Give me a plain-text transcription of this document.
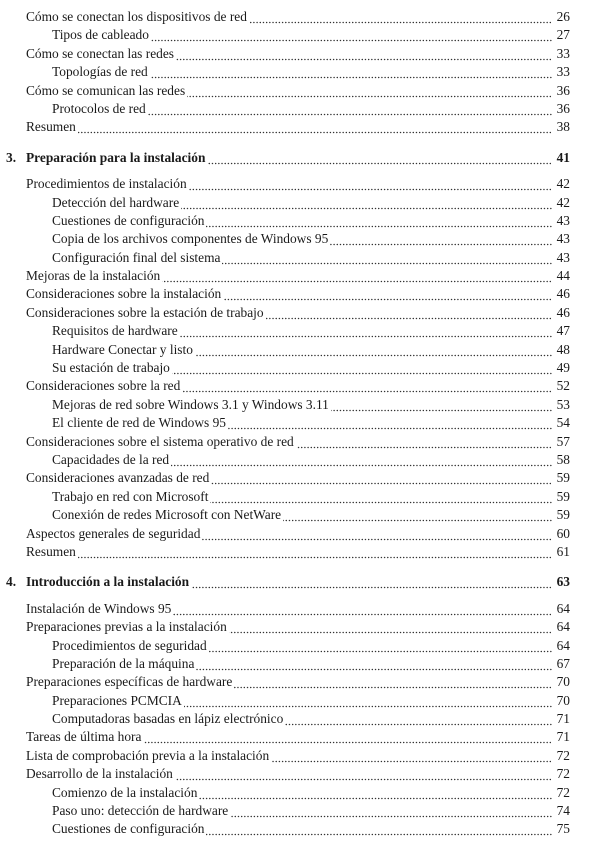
Cómo se conectan los dispositivos de red	26
Tipos de cableado	27
Cómo se conectan las redes	33
Topologías de red	33
Cómo se comunican las redes	36
Protocolos de red	36
Resumen	38
3. Preparación para la instalación	41
Procedimientos de instalación	42
Detección del hardware	42
Cuestiones de configuración	43
Copia de los archivos componentes de Windows 95	43
Configuración final del sistema	43
Mejoras de la instalación	44
Consideraciones sobre la instalación	46
Consideraciones sobre la estación de trabajo	46
Requisitos de hardware	47
Hardware Conectar y listo	48
Su estación de trabajo	49
Consideraciones sobre la red	52
Mejoras de red sobre Windows 3.1 y Windows 3.11	53
El cliente de red de Windows 95	54
Consideraciones sobre el sistema operativo de red	57
Capacidades de la red	58
Consideraciones avanzadas de red	59
Trabajo en red con Microsoft	59
Conexión de redes Microsoft con NetWare	59
Aspectos generales de seguridad	60
Resumen	61
4. Introducción a la instalación	63
Instalación de Windows 95	64
Preparaciones previas a la instalación	64
Procedimientos de seguridad	64
Preparación de la máquina	67
Preparaciones específicas de hardware	70
Preparaciones PCMCIA	70
Computadoras basadas en lápiz electrónico	71
Tareas de última hora	71
Lista de comprobación previa a la instalación	72
Desarrollo de la instalación	72
Comienzo de la instalación	72
Paso uno: detección de hardware	74
Cuestiones de configuración	75
